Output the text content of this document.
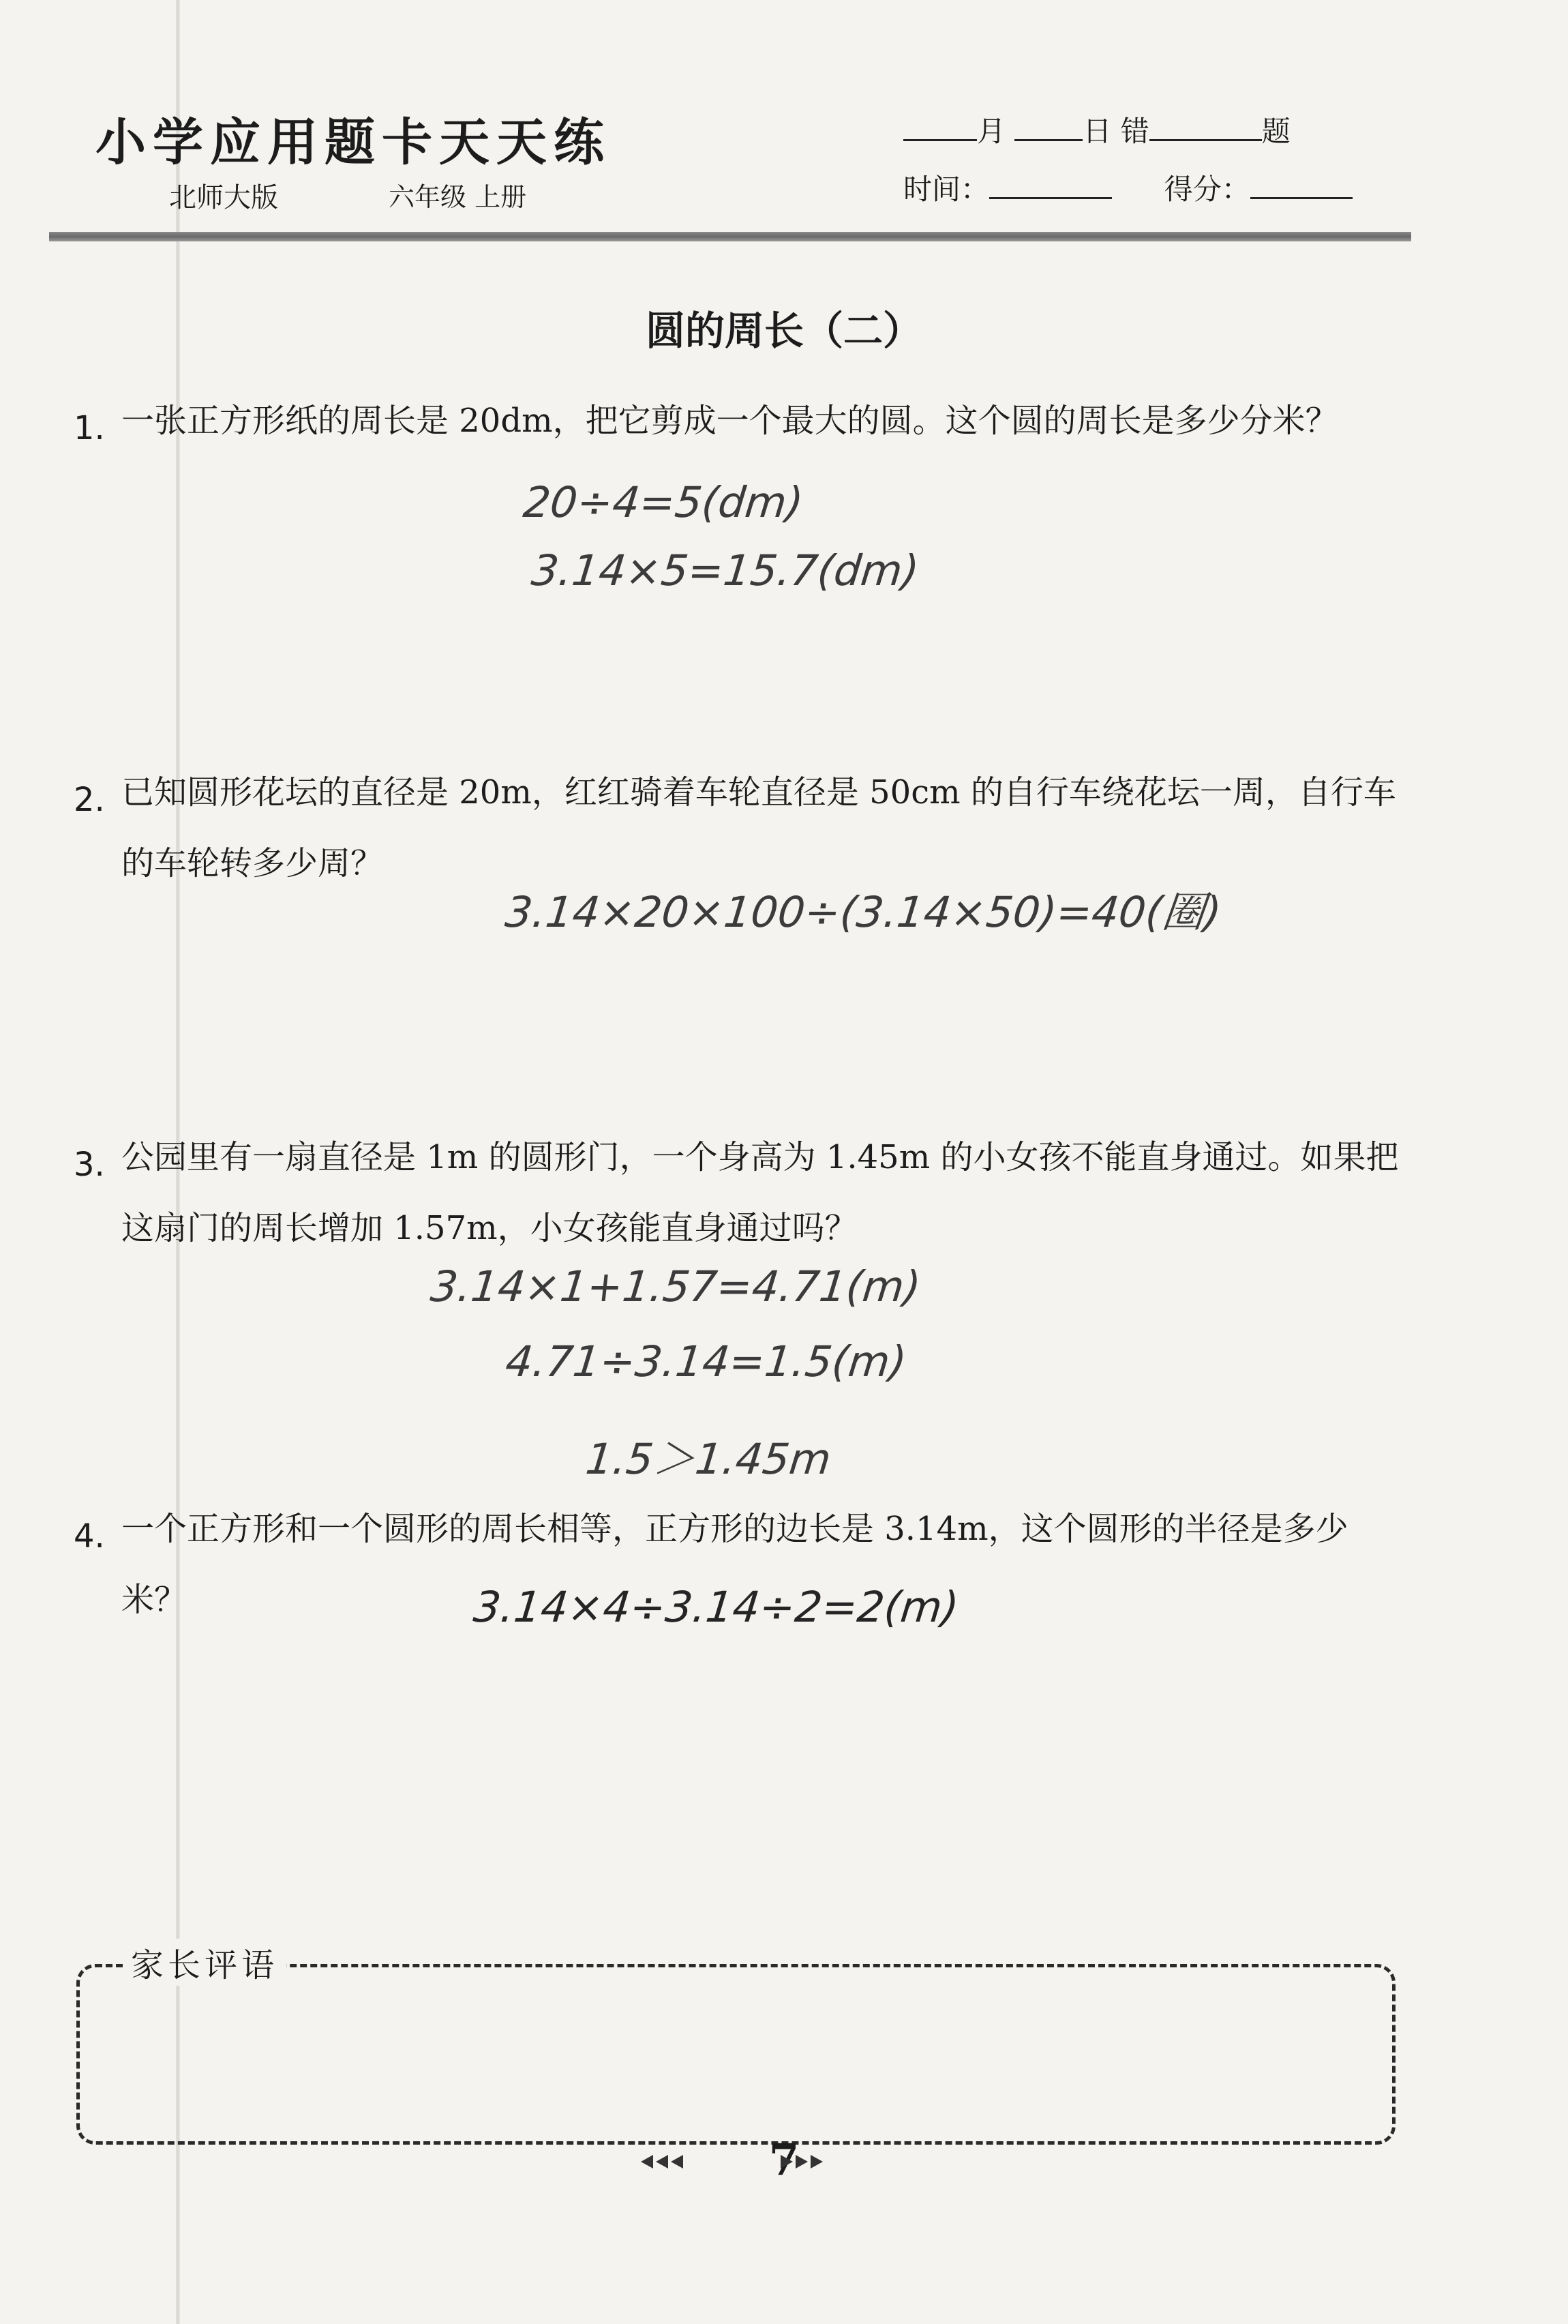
小学应用题卡天天练
北师大版	六年级 上册
月	日 错	题
时间：	得分：
圆的周长（二）
1. 一张正方形纸的周长是 20dm，把它剪成一个最大的圆。这个圆的周长是多少分米？
20÷4=5(dm)
3.14×5=15.7(dm)
2. 已知圆形花坛的直径是 20m，红红骑着车轮直径是 50cm 的自行车绕花坛一周，自行车的车轮转多少周？
3.14×20×100÷(3.14×50)=40(圈)
3. 公园里有一扇直径是 1m 的圆形门，一个身高为 1.45m 的小女孩不能直身通过。如果把这扇门的周长增加 1.57m，小女孩能直身通过吗？
3.14×1+1.57=4.71(m)
4.71÷3.14=1.5(m)
1.5＞1.45m
4. 一个正方形和一个圆形的周长相等，正方形的边长是 3.14m，这个圆形的半径是多少米？	3.14×4÷3.14÷2=2(m)
家长评语
7
